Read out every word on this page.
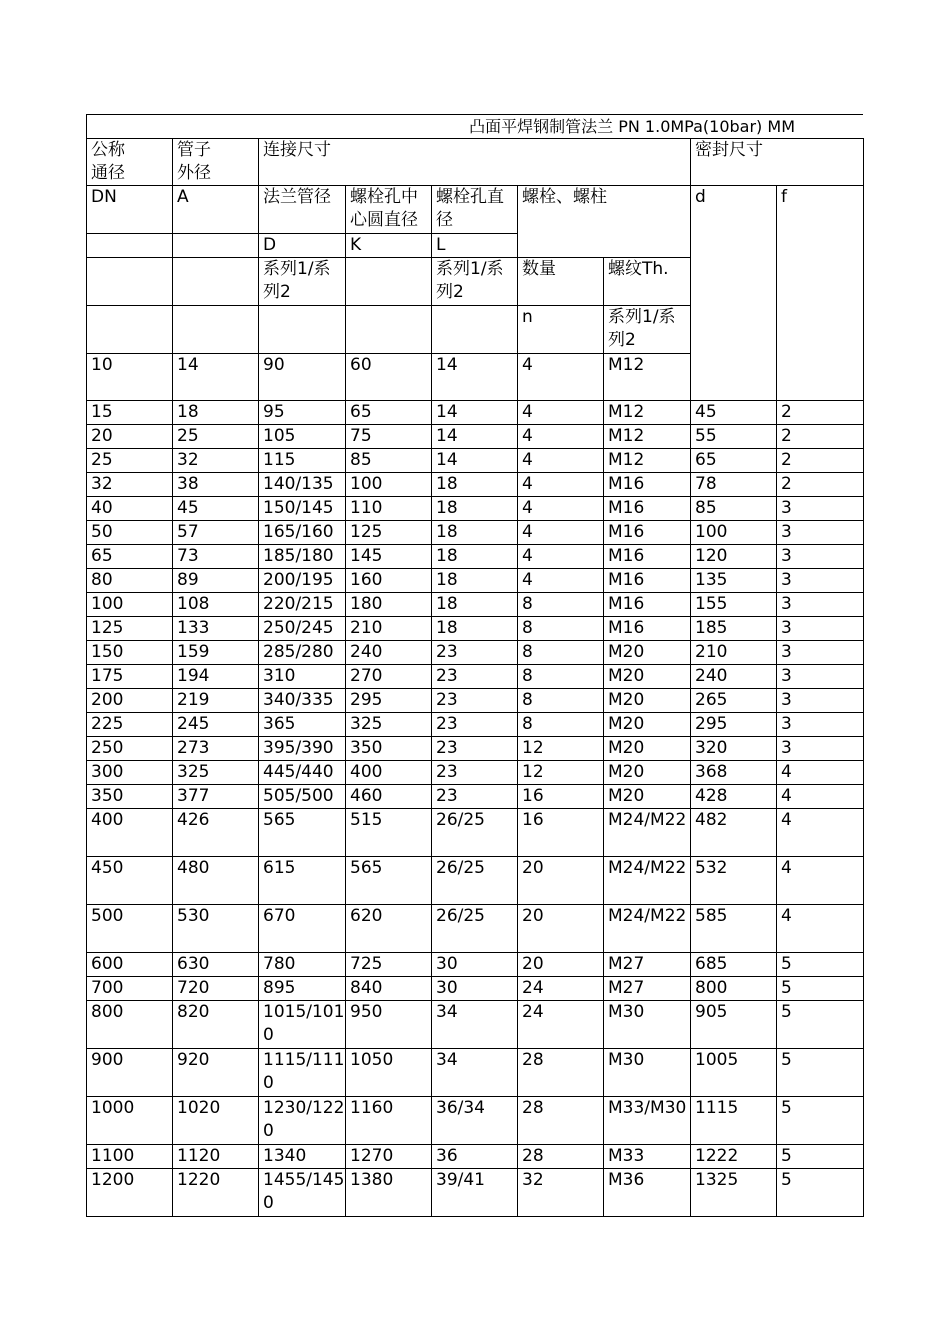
凸面平焊钢制管法兰 PN 1.0MPa(10bar) MM
公称	管子	连接尺寸					密封尺寸		
通径	外径								
DN	A	法兰管径	螺栓孔中心圆直径	螺栓孔直径	螺栓、螺柱		d	f	
		D	K	L					
		系列1/系列2		系列1/系列2	数量	螺纹Th.			
					n	系列1/系列2			
10	14	90	60	14	4	M12		
15	18	95	65	14	4	M12	45	2	
20	25	105	75	14	4	M12	55	2	
25	32	115	85	14	4	M12	65	2	
32	38	140/135	100	18	4	M16	78	2	
40	45	150/145	110	18	4	M16	85	3	
50	57	165/160	125	18	4	M16	100	3	
65	73	185/180	145	18	4	M16	120	3	
80	89	200/195	160	18	4	M16	135	3	
100	108	220/215	180	18	8	M16	155	3	
125	133	250/245	210	18	8	M16	185	3	
150	159	285/280	240	23	8	M20	210	3	
175	194	310	270	23	8	M20	240	3	
200	219	340/335	295	23	8	M20	265	3	
225	245	365	325	23	8	M20	295	3	
250	273	395/390	350	23	12	M20	320	3	
300	325	445/440	400	23	12	M20	368	4	
350	377	505/500	460	23	16	M20	428	4	
400	426	565	515	26/25	16	M24/M22	482	4	
450	480	615	565	26/25	20	M24/M22	532	4	
500	530	670	620	26/25	20	M24/M22	585	4	
600	630	780	725	30	20	M27	685	5	
700	720	895	840	30	24	M27	800	5	
800	820	1015/1010	950	34	24	M30	905	5	
900	920	1115/1110	1050	34	28	M30	1005	5	
1000	1020	1230/1220	1160	36/34	28	M33/M30	1115	5	
1100	1120	1340	1270	36	28	M33	1222	5	
1200	1220	1455/1450	1380	39/41	32	M36	1325	5	
